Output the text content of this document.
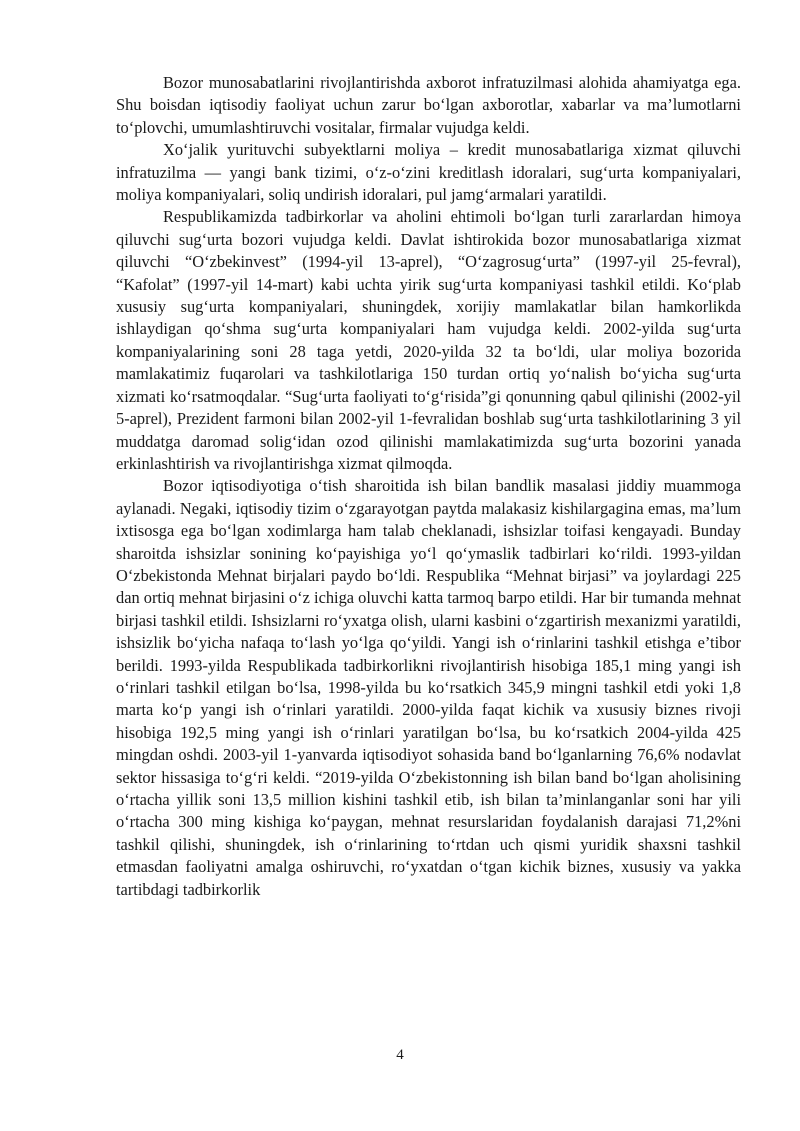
Bozor munosabatlarini rivojlantirishda axborot infratuzilmasi alohida ahamiyatga ega. Shu boisdan iqtisodiy faoliyat uchun zarur bo‘lgan axborotlar, xabarlar va ma’lumotlarni to‘plovchi, umumlashtiruvchi vositalar, firmalar vujudga keldi.

Xo‘jalik yurituvchi subyektlarni moliya – kredit munosabatlariga xizmat qiluvchi infratuzilma — yangi bank tizimi, o‘z-o‘zini kreditlash idoralari, sug‘urta kompaniyalari, moliya kompaniyalari, soliq undirish idoralari, pul jamg‘armalari yaratildi.

Respublikamizda tadbirkorlar va aholini ehtimoli bo‘lgan turli zararlardan himoya qiluvchi sug‘urta bozori vujudga keldi. Davlat ishtirokida bozor munosabatlariga xizmat qiluvchi “O‘zbekinvest” (1994-yil 13-aprel), “O‘zagrosug‘urta” (1997-yil 25-fevral), “Kafolat” (1997-yil 14-mart) kabi uchta yirik sug‘urta kompaniyasi tashkil etildi. Ko‘plab xususiy sug‘urta kompaniyalari, shuningdek, xorijiy mamlakatlar bilan hamkorlikda ishlaydigan qo‘shma sug‘urta kompaniyalari ham vujudga keldi. 2002-yilda sug‘urta kompaniyalarining soni 28 taga yetdi, 2020-yilda 32 ta bo‘ldi, ular moliya bozorida mamlakatimiz fuqarolari va tashkilotlariga 150 turdan ortiq yo‘nalish bo‘yicha sug‘urta xizmati ko‘rsatmoqdalar. “Sug‘urta faoliyati to‘g‘risida”gi qonunning qabul qilinishi (2002-yil 5-aprel), Prezident farmoni bilan 2002-yil 1-fevralidan boshlab sug‘urta tashkilotlarining 3 yil muddatga daromad solig‘idan ozod qilinishi mamlakatimizda sug‘urta bozorini yanada erkinlashtirish va rivojlantirishga xizmat qilmoqda.

Bozor iqtisodiyotiga o‘tish sharoitida ish bilan bandlik masalasi jiddiy muammoga aylanadi. Negaki, iqtisodiy tizim o‘zgarayotgan paytda malakasiz kishilargagina emas, ma’lum ixtisosga ega bo‘lgan xodimlarga ham talab cheklanadi, ishsizlar toifasi kengayadi. Bunday sharoitda ishsizlar sonining ko‘payishiga yo‘l qo‘ymaslik tadbirlari ko‘rildi. 1993-yildan O‘zbekistonda Mehnat birjalari paydo bo‘ldi. Respublika “Mehnat birjasi” va joylardagi 225 dan ortiq mehnat birjasini o‘z ichiga oluvchi katta tarmoq barpo etildi. Har bir tumanda mehnat birjasi tashkil etildi. Ishsizlarni ro‘yxatga olish, ularni kasbini o‘zgartirish mexanizmi yaratildi, ishsizlik bo‘yicha nafaqa to‘lash yo‘lga qo‘yildi. Yangi ish o‘rinlarini tashkil etishga e’tibor berildi. 1993-yilda Respublikada tadbirkorlikni rivojlantirish hisobiga 185,1 ming yangi ish o‘rinlari tashkil etilgan bo‘lsa, 1998-yilda bu ko‘rsatkich 345,9 mingni tashkil etdi yoki 1,8 marta ko‘p yangi ish o‘rinlari yaratildi. 2000-yilda faqat kichik va xususiy biznes rivoji hisobiga 192,5 ming yangi ish o‘rinlari yaratilgan bo‘lsa, bu ko‘rsatkich 2004-yilda 425 mingdan oshdi. 2003-yil 1-yanvarda iqtisodiyot sohasida band bo‘lganlarning 76,6% nodavlat sektor hissasiga to‘g‘ri keldi. “2019-yilda O‘zbekistonning ish bilan band bo‘lgan aholisining o‘rtacha yillik soni 13,5 million kishini tashkil etib, ish bilan ta’minlanganlar soni har yili o‘rtacha 300 ming kishiga ko‘paygan, mehnat resurslaridan foydalanish darajasi 71,2%ni tashkil qilishi, shuningdek, ish o‘rinlarining to‘rtdan uch qismi yuridik shaxsni tashkil etmasdan faoliyatni amalga oshiruvchi, ro‘yxatdan o‘tgan kichik biznes, xususiy va yakka tartibdagi tadbirkorlik

4
